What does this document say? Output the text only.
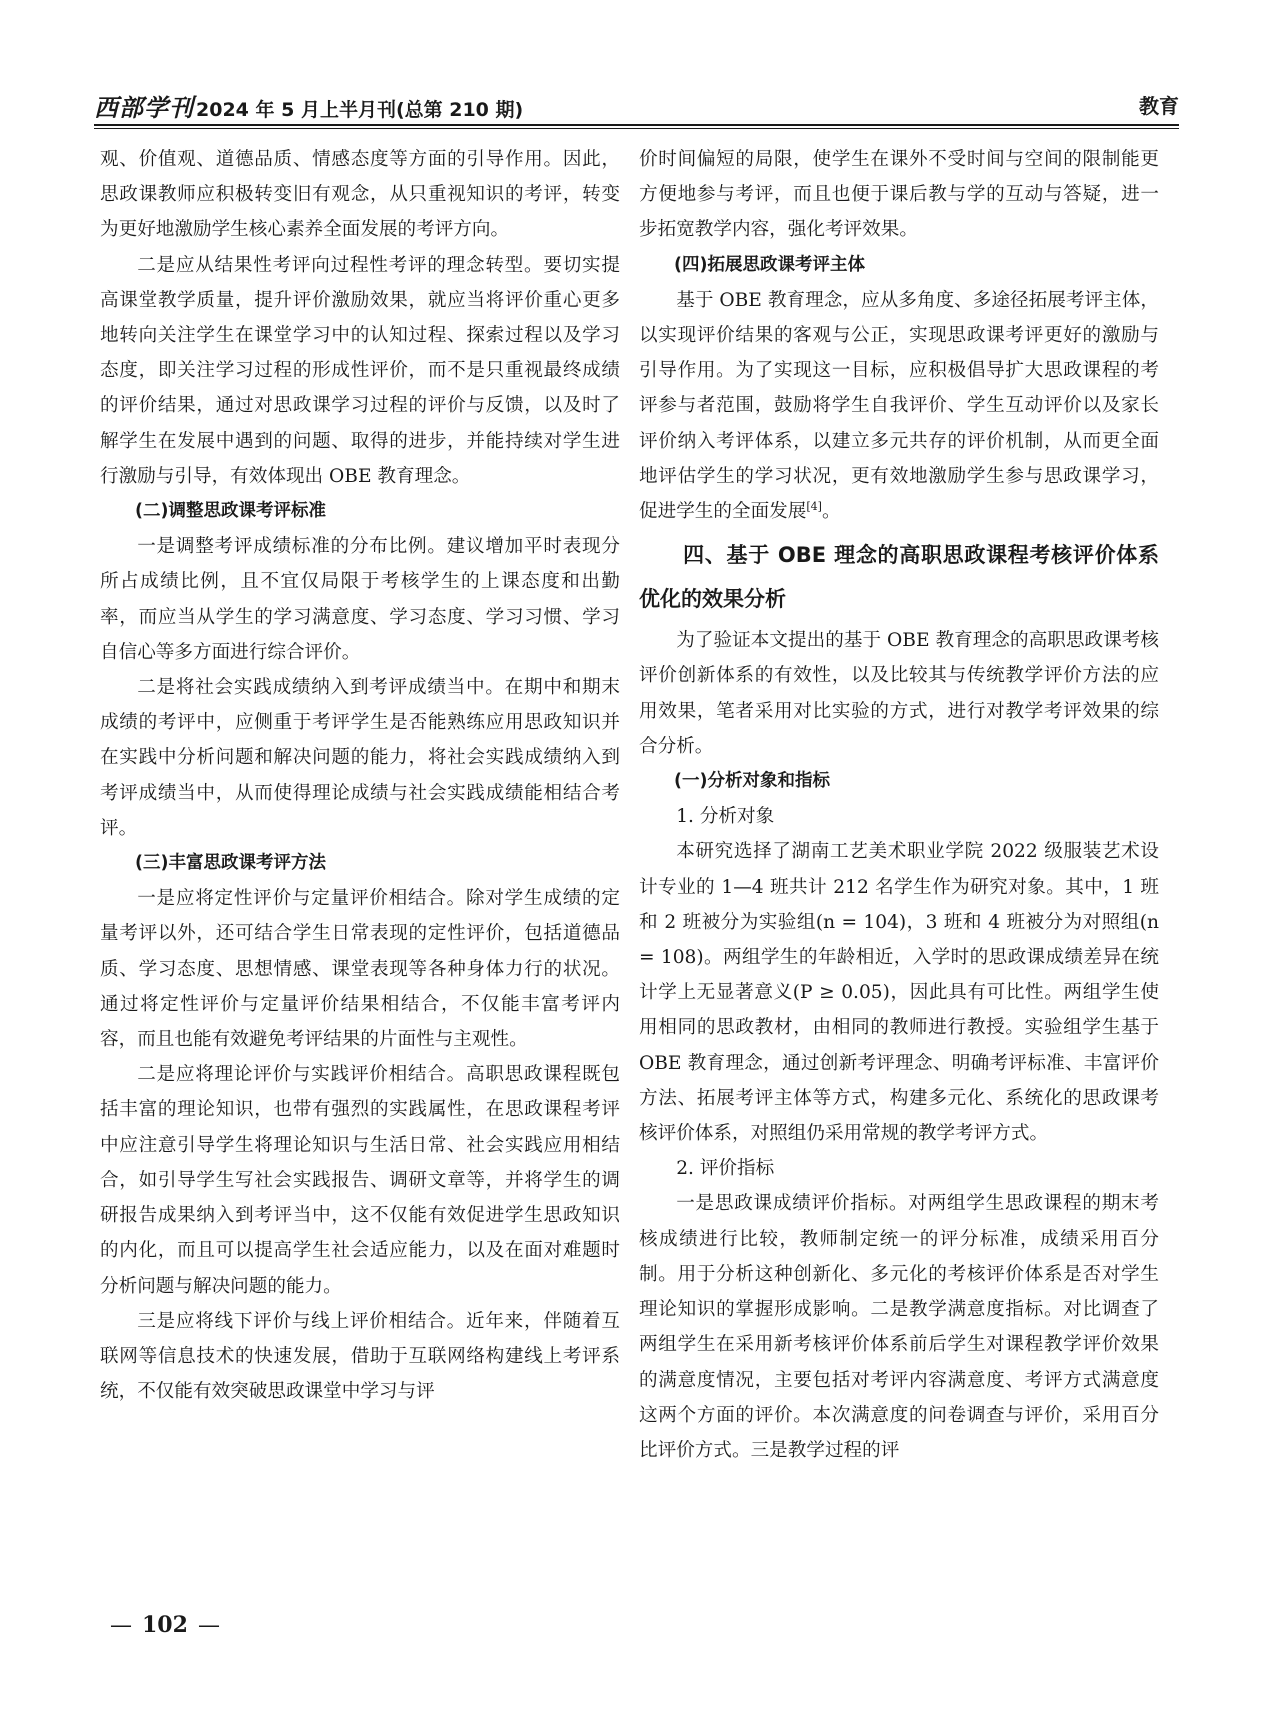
西部学刊 2024 年 5 月上半月刊(总第 210 期)	教育

观、价值观、道德品质、情感态度等方面的引导作用。因此，思政课教师应积极转变旧有观念，从只重视知识的考评，转变为更好地激励学生核心素养全面发展的考评方向。

二是应从结果性考评向过程性考评的理念转型。要切实提高课堂教学质量，提升评价激励效果，就应当将评价重心更多地转向关注学生在课堂学习中的认知过程、探索过程以及学习态度，即关注学习过程的形成性评价，而不是只重视最终成绩的评价结果，通过对思政课学习过程的评价与反馈，以及时了解学生在发展中遇到的问题、取得的进步，并能持续对学生进行激励与引导，有效体现出 OBE 教育理念。

(二)调整思政课考评标准

一是调整考评成绩标准的分布比例。建议增加平时表现分所占成绩比例，且不宜仅局限于考核学生的上课态度和出勤率，而应当从学生的学习满意度、学习态度、学习习惯、学习自信心等多方面进行综合评价。

二是将社会实践成绩纳入到考评成绩当中。在期中和期末成绩的考评中，应侧重于考评学生是否能熟练应用思政知识并在实践中分析问题和解决问题的能力，将社会实践成绩纳入到考评成绩当中，从而使得理论成绩与社会实践成绩能相结合考评。

(三)丰富思政课考评方法

一是应将定性评价与定量评价相结合。除对学生成绩的定量考评以外，还可结合学生日常表现的定性评价，包括道德品质、学习态度、思想情感、课堂表现等各种身体力行的状况。通过将定性评价与定量评价结果相结合，不仅能丰富考评内容，而且也能有效避免考评结果的片面性与主观性。

二是应将理论评价与实践评价相结合。高职思政课程既包括丰富的理论知识，也带有强烈的实践属性，在思政课程考评中应注意引导学生将理论知识与生活日常、社会实践应用相结合，如引导学生写社会实践报告、调研文章等，并将学生的调研报告成果纳入到考评当中，这不仅能有效促进学生思政知识的内化，而且可以提高学生社会适应能力，以及在面对难题时分析问题与解决问题的能力。

三是应将线下评价与线上评价相结合。近年来，伴随着互联网等信息技术的快速发展，借助于互联网络构建线上考评系统，不仅能有效突破思政课堂中学习与评

价时间偏短的局限，使学生在课外不受时间与空间的限制能更方便地参与考评，而且也便于课后教与学的互动与答疑，进一步拓宽教学内容，强化考评效果。

(四)拓展思政课考评主体

基于 OBE 教育理念，应从多角度、多途径拓展考评主体，以实现评价结果的客观与公正，实现思政课考评更好的激励与引导作用。为了实现这一目标，应积极倡导扩大思政课程的考评参与者范围，鼓励将学生自我评价、学生互动评价以及家长评价纳入考评体系，以建立多元共存的评价机制，从而更全面地评估学生的学习状况，更有效地激励学生参与思政课学习，促进学生的全面发展[4]。

四、基于 OBE 理念的高职思政课程考核评价体系优化的效果分析

为了验证本文提出的基于 OBE 教育理念的高职思政课考核评价创新体系的有效性，以及比较其与传统教学评价方法的应用效果，笔者采用对比实验的方式，进行对教学考评效果的综合分析。

(一)分析对象和指标

1. 分析对象

本研究选择了湖南工艺美术职业学院 2022 级服装艺术设计专业的 1—4 班共计 212 名学生作为研究对象。其中，1 班和 2 班被分为实验组(n = 104)，3 班和 4 班被分为对照组(n = 108)。两组学生的年龄相近，入学时的思政课成绩差异在统计学上无显著意义(P ≥ 0.05)，因此具有可比性。两组学生使用相同的思政教材，由相同的教师进行教授。实验组学生基于 OBE 教育理念，通过创新考评理念、明确考评标准、丰富评价方法、拓展考评主体等方式，构建多元化、系统化的思政课考核评价体系，对照组仍采用常规的教学考评方式。

2. 评价指标

一是思政课成绩评价指标。对两组学生思政课程的期末考核成绩进行比较，教师制定统一的评分标准，成绩采用百分制。用于分析这种创新化、多元化的考核评价体系是否对学生理论知识的掌握形成影响。二是教学满意度指标。对比调查了两组学生在采用新考核评价体系前后学生对课程教学评价效果的满意度情况，主要包括对考评内容满意度、考评方式满意度这两个方面的评价。本次满意度的问卷调查与评价，采用百分比评价方式。三是教学过程的评

— 102 —
